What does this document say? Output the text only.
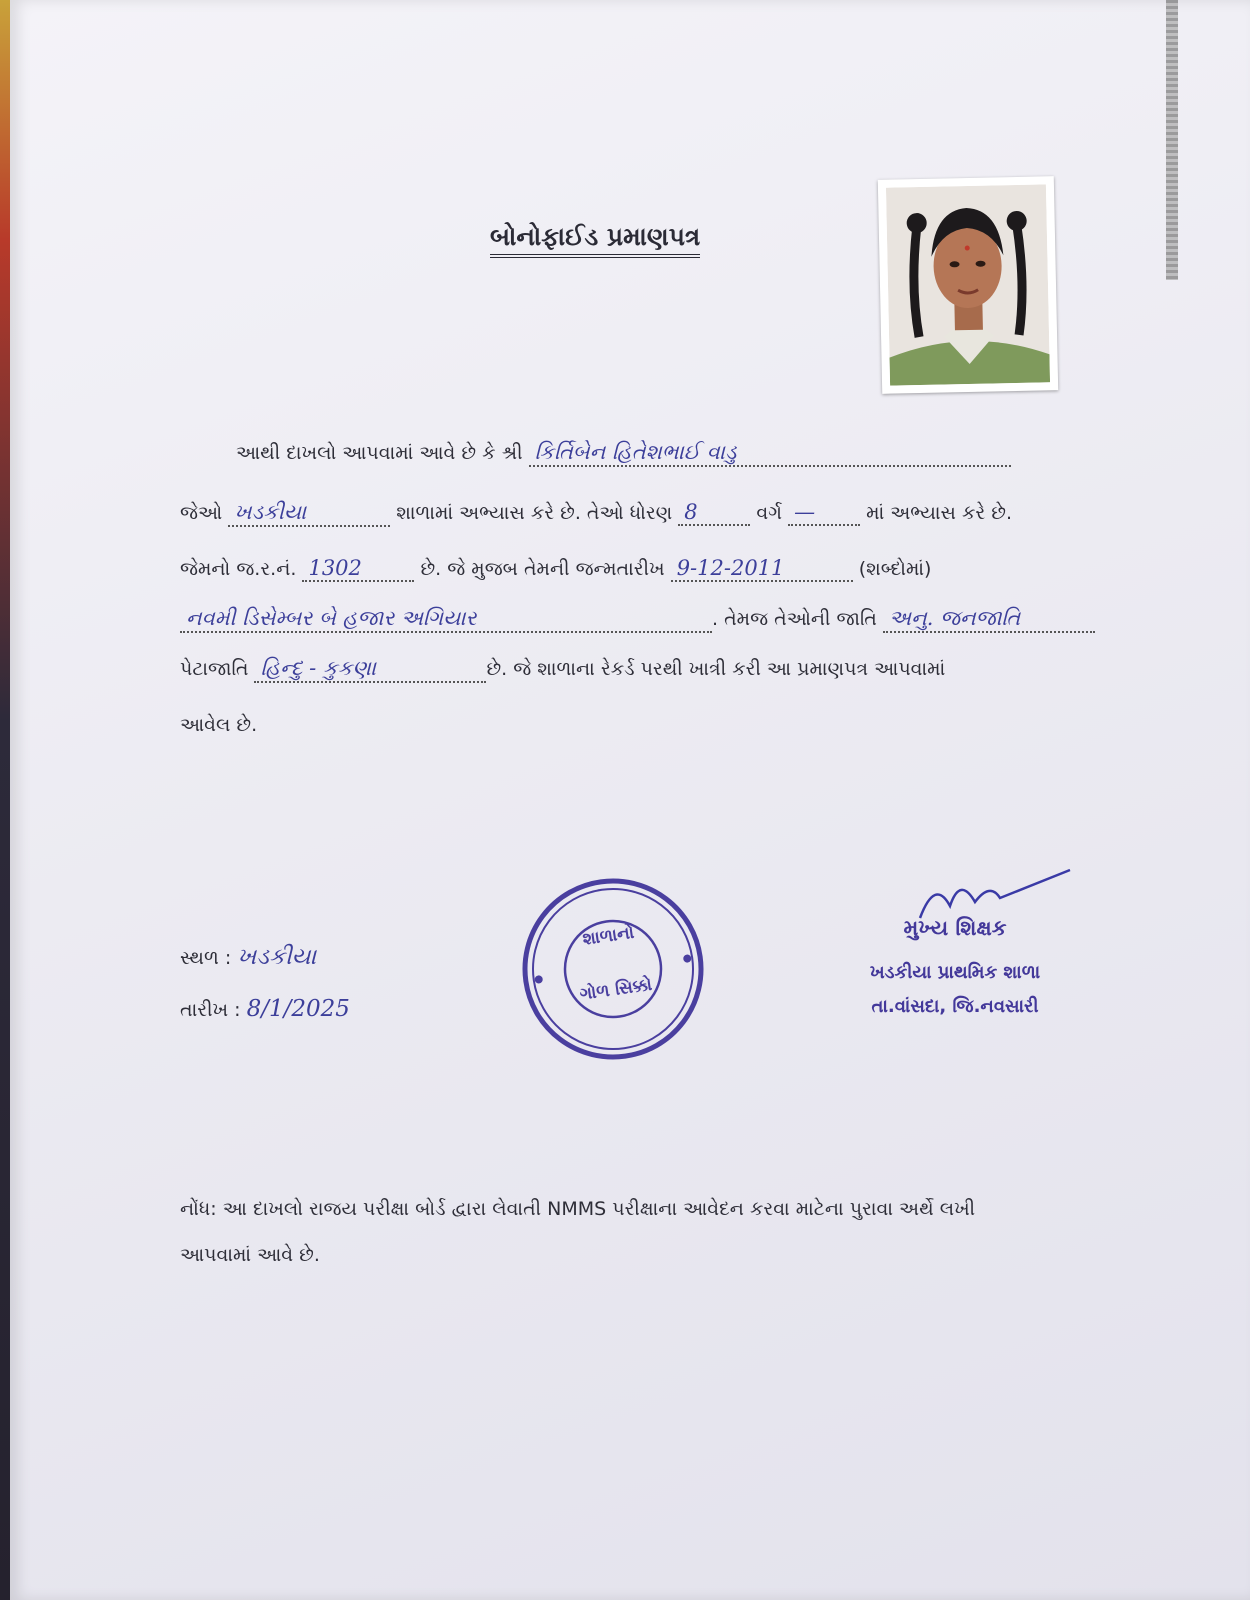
બોનોફાઈડ પ્રમાણપત્ર
આથી દાખલો આપવામાં આવે છે કે શ્રી કિર્તિબેન હિતેશભાઈ વાડુ
જેઓ ખડકીયા	શાળામાં અભ્યાસ કરે છે. તેઓ ધોરણ 8	વર્ગ —	માં અભ્યાસ કરે છે.
જેમનો જ.ર.નં. 1302	છે. જે મુજબ તેમની જન્મતારીખ 9-12-2011	(શબ્દોમાં)
નવમી ડિસેમ્બર બે હજાર અગિયાર	. તેમજ તેઓની જાતિ અનુ. જનજાતિ
પેટાજાતિ હિન્દુ - કુકણા	છે. જે શાળાના રેકર્ડ પરથી ખાત્રી કરી આ પ્રમાણપત્ર આપવામાં
આવેલ છે.
સ્થળ : ખડકીયા
તારીખ : 8/1/2025
શાળાનો
ગોળ સિક્કો
મુખ્ય શિક્ષક
ખડકીયા પ્રાથમિક શાળા
તા.વાંસદા, જિ.નવસારી
નોંધ: આ દાખલો રાજય પરીક્ષા બોર્ડ દ્વારા લેવાતી NMMS પરીક્ષાના આવેદન કરવા માટેના પુરાવા અર્થે લખી
આપવામાં આવે છે.
